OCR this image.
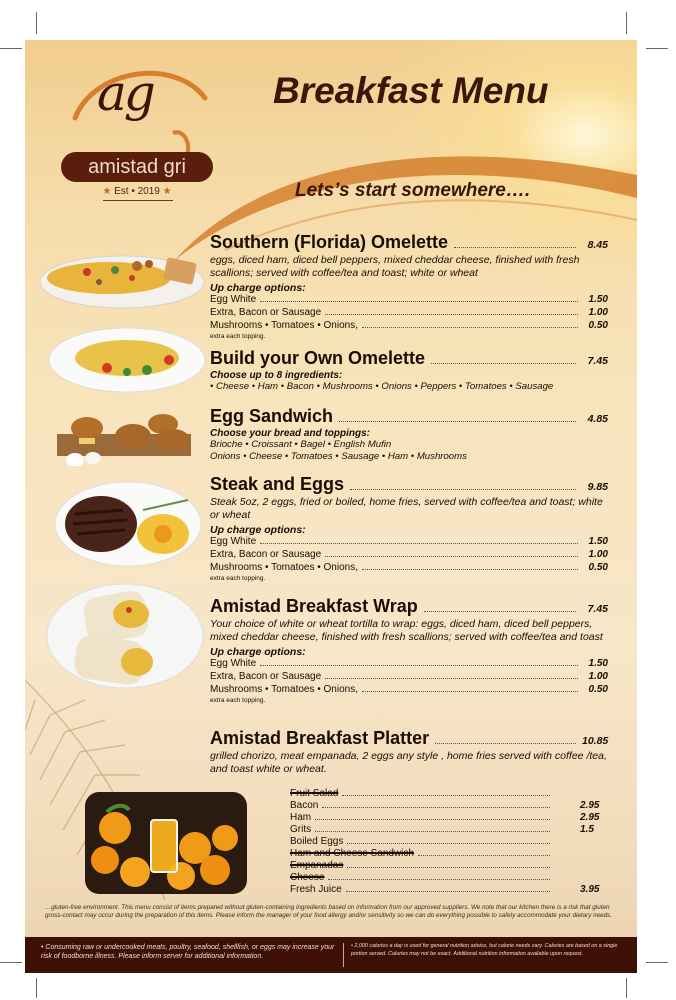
ag
amistad gri
★ Est • 2019 ★
Breakfast Menu
Lets’s start somewhere….
Southern (Florida) Omelette	8.45
eggs, diced ham, diced bell peppers, mixed cheddar cheese, finished with fresh scallions; served with coffee/tea and toast; white or wheat
Up charge options:
Egg White	1.50
Extra, Bacon or Sausage	1.00
Mushrooms • Tomatoes • Onions,	0.50
extra each topping.
Build your Own Omelette	7.45
Choose up to 8 ingredients:
• Cheese • Ham • Bacon • Mushrooms • Onions • Peppers • Tomatoes • Sausage
Egg Sandwich	4.85
Choose your bread and toppings:
Brioche • Croissant • Bagel • English Mufin
Onions • Cheese • Tomatoes • Sausage • Ham • Mushrooms
Steak and Eggs	9.85
Steak 5oz, 2 eggs, fried or boiled, home fries, served with coffee/tea and toast; white or wheat
Up charge options:
Egg White	1.50
Extra, Bacon or Sausage	1.00
Mushrooms • Tomatoes • Onions,	0.50
extra each topping.
Amistad Breakfast Wrap	7.45
Your choice of white or wheat tortilla to wrap: eggs, diced ham, diced bell peppers, mixed cheddar cheese, finished with fresh scallions; served with coffee/tea and toast
Up charge options:
Egg White	1.50
Extra, Bacon or Sausage	1.00
Mushrooms • Tomatoes • Onions,	0.50
extra each topping.
Amistad Breakfast Platter	10.85
grilled chorizo, meat empanada, 2 eggs any style , home fries served with coffee /tea, and toast white or wheat.
Fruit Salad
Bacon	2.95
Ham	2.95
Grits	1.5
Boiled Eggs
Ham and Cheese Sandwich
Empanadas
Cheese
Fresh Juice	3.95
…gluten-free environment. This menu consist of items prepared without gluten-containing ingredients based on information from our approved suppliers. We note that our kitchen there is a risk that gluten gross-contact may occur during the preparation of this items. Please inform the manager of your food allergy and/or sensitivity so we can do everything possible to safety accommodate your dietary needs.
• Consuming raw or undercooked meats, poultry, seafood, shellfish, or eggs may increase your risk of foodborne illness. Please inform server for additional information.
• 2,000 calories a day is used for general nutrition advice, but calorie needs vary. Calories are based on a single portion served. Calories may not be exact. Additional nutrition information available upon request.
